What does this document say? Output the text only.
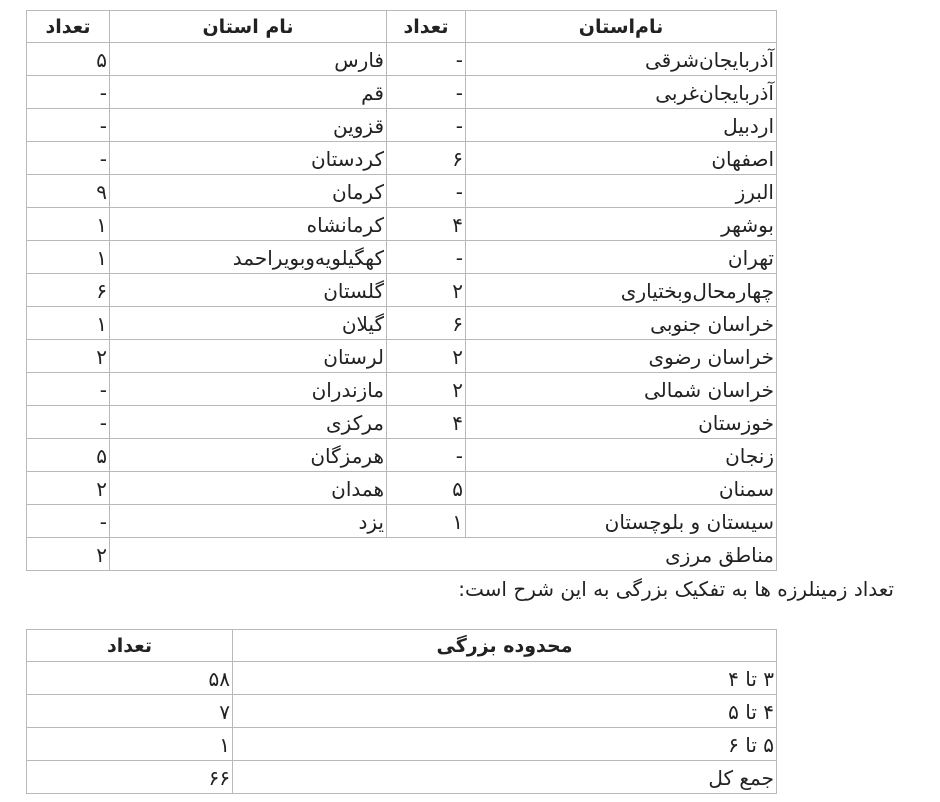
نام‌استان	تعداد	نام استان	تعداد
آذربایجان‌شرقی	-	فارس	۵
آذربایجان‌غربی	-	قم	-
اردبیل	-	قزوین	-
اصفهان	۶	کردستان	-
البرز	-	کرمان	۹
بوشهر	۴	کرمانشاه	۱
تهران	-	کهگیلویه‌وبویراحمد	۱
چهارمحال‌وبختیاری	۲	گلستان	۶
خراسان جنوبی	۶	گیلان	۱
خراسان رضوی	۲	لرستان	۲
خراسان شمالی	۲	مازندران	-
خوزستان	۴	مرکزی	-
زنجان	-	هرمزگان	۵
سمنان	۵	همدان	۲
سیستان و بلوچستان	۱	یزد	-
مناطق مرزی			۲
تعداد زمینلرزه ها به تفکیک بزرگی به این شرح است:
محدوده بزرگی	تعداد
۳ تا ۴	۵۸
۴ تا ۵	۷
۵ تا ۶	۱
جمع کل	۶۶
